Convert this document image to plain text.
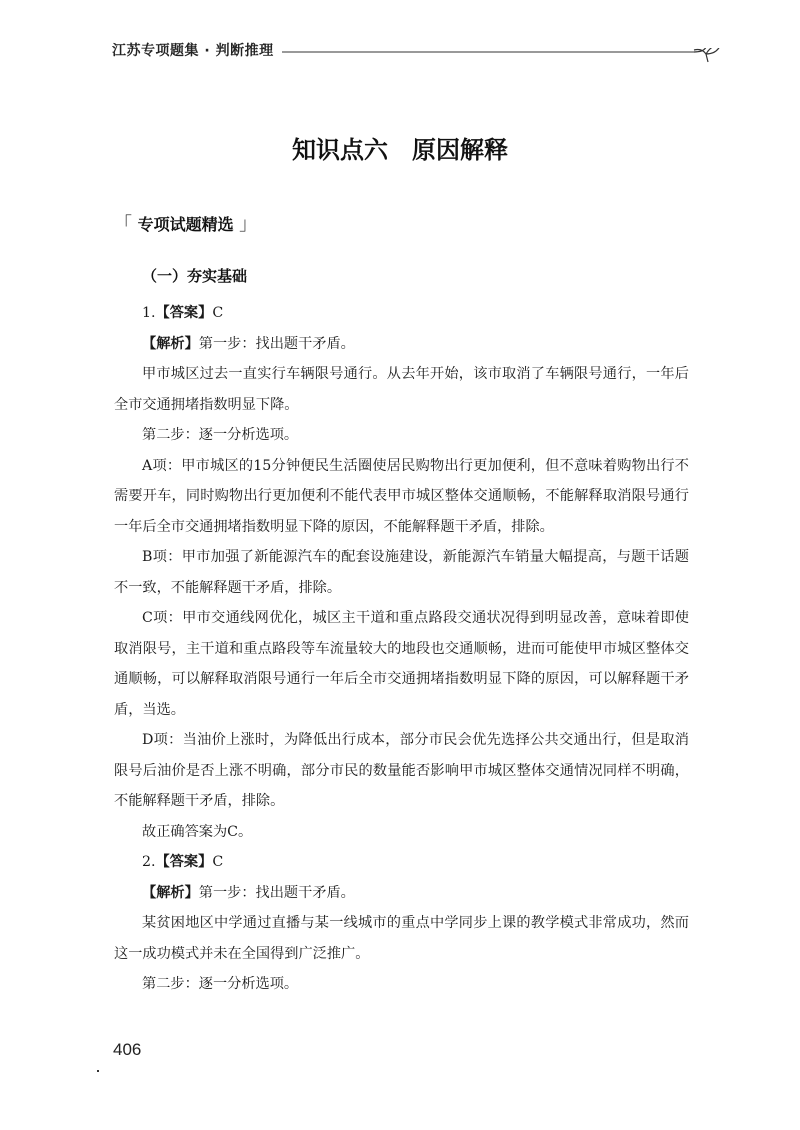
江苏专项题集 · 判断推理
知识点六　原因解释
「 专项试题精选 」
（一）夯实基础

1.【答案】C

【解析】第一步：找出题干矛盾。

甲市城区过去一直实行车辆限号通行。从去年开始，该市取消了车辆限号通行，一年后全市交通拥堵指数明显下降。

第二步：逐一分析选项。

A项：甲市城区的15分钟便民生活圈使居民购物出行更加便利，但不意味着购物出行不需要开车，同时购物出行更加便利不能代表甲市城区整体交通顺畅，不能解释取消限号通行一年后全市交通拥堵指数明显下降的原因，不能解释题干矛盾，排除。

B项：甲市加强了新能源汽车的配套设施建设，新能源汽车销量大幅提高，与题干话题不一致，不能解释题干矛盾，排除。

C项：甲市交通线网优化，城区主干道和重点路段交通状况得到明显改善，意味着即使取消限号，主干道和重点路段等车流量较大的地段也交通顺畅，进而可能使甲市城区整体交通顺畅，可以解释取消限号通行一年后全市交通拥堵指数明显下降的原因，可以解释题干矛盾，当选。

D项：当油价上涨时，为降低出行成本，部分市民会优先选择公共交通出行，但是取消限号后油价是否上涨不明确，部分市民的数量能否影响甲市城区整体交通情况同样不明确，不能解释题干矛盾，排除。

故正确答案为C。

2.【答案】C

【解析】第一步：找出题干矛盾。

某贫困地区中学通过直播与某一线城市的重点中学同步上课的教学模式非常成功，然而这一成功模式并未在全国得到广泛推广。

第二步：逐一分析选项。

406
